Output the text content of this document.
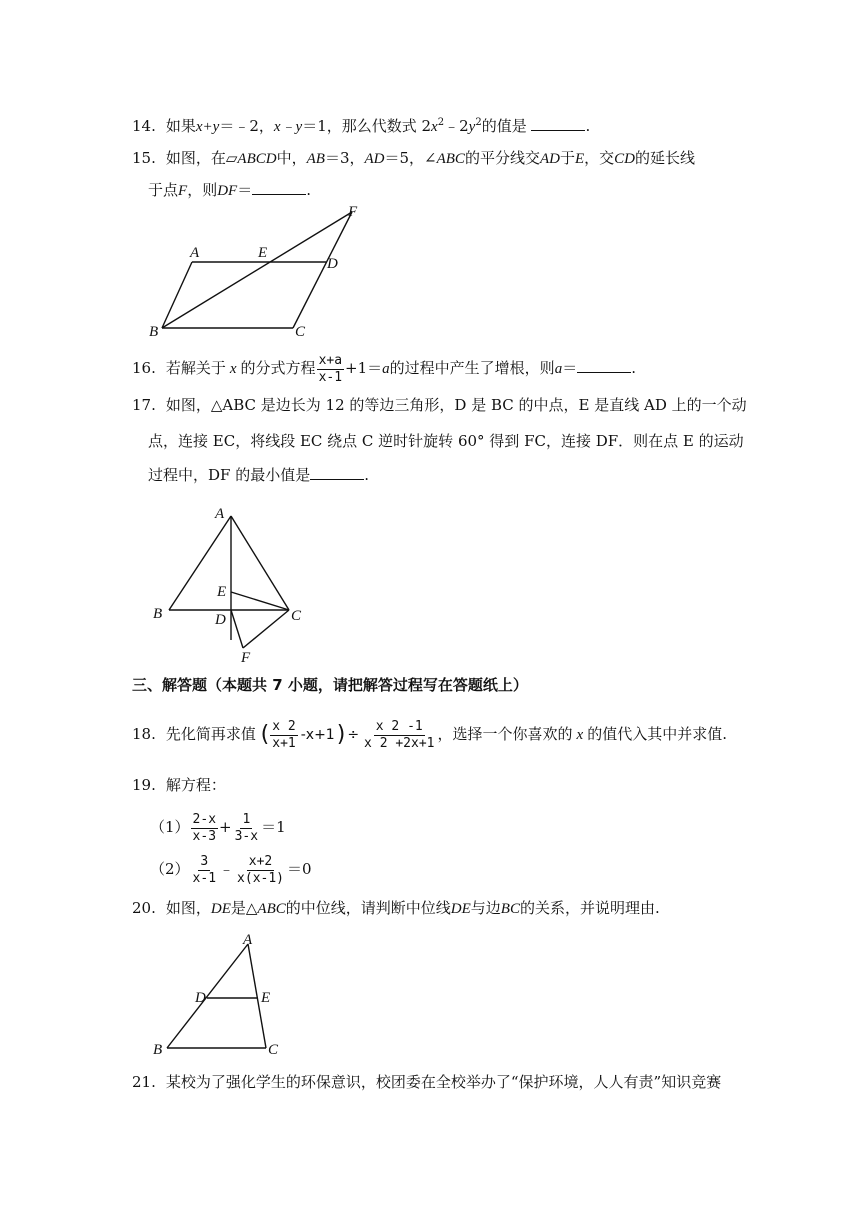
14. 如果x+y＝﹣2，x﹣y＝1，那么代数式 $2x^2﹣2y^2$的值是	.
15. 如图，在▱ABCD中，AB＝3，AD＝5，∠ABC的平分线交AD于E，交CD的延长线
于点F，则DF＝	.
A	E
D
F
B	C
16. 若解关于 x 的分式方程 $\frac{x+a}{x-1} +1=a$的过程中产生了增根，则a＝	.
17. 如图，△ABC 是边长为 12 的等边三角形，D 是 BC 的中点，E 是直线 AD 上的一个动
点，连接 EC，将线段 EC 绕点 C 逆时针旋转 60° 得到 FC，连接 DF．则在点 E 的运动
过程中，DF 的最小值是	.
A
E
B	D	C
F
三、解答题（本题共 7 小题，请把解答过程写在答题纸上）
18. 先化简再求值 ( $\frac{x 2}{x+1} -x+1) \div \frac{x 2 -1}{x 2 +2x+1}$ ，选择一个你喜欢的 x 的值代入其中并求值.
19. 解方程：
$(1) \frac{2-x}{x-3} + \frac{1}{3-x} =1$
$(2) \frac{3}{x-1}$ ﹣ $\frac{x+2}{x(x-1)} =0$
20. 如图，DE是△ABC的中位线，请判断中位线DE与边BC的关系，并说明理由.
A
D	E
B	C
21. 某校为了强化学生的环保意识，校团委在全校举办了“保护环境，人人有责”知识竞赛
